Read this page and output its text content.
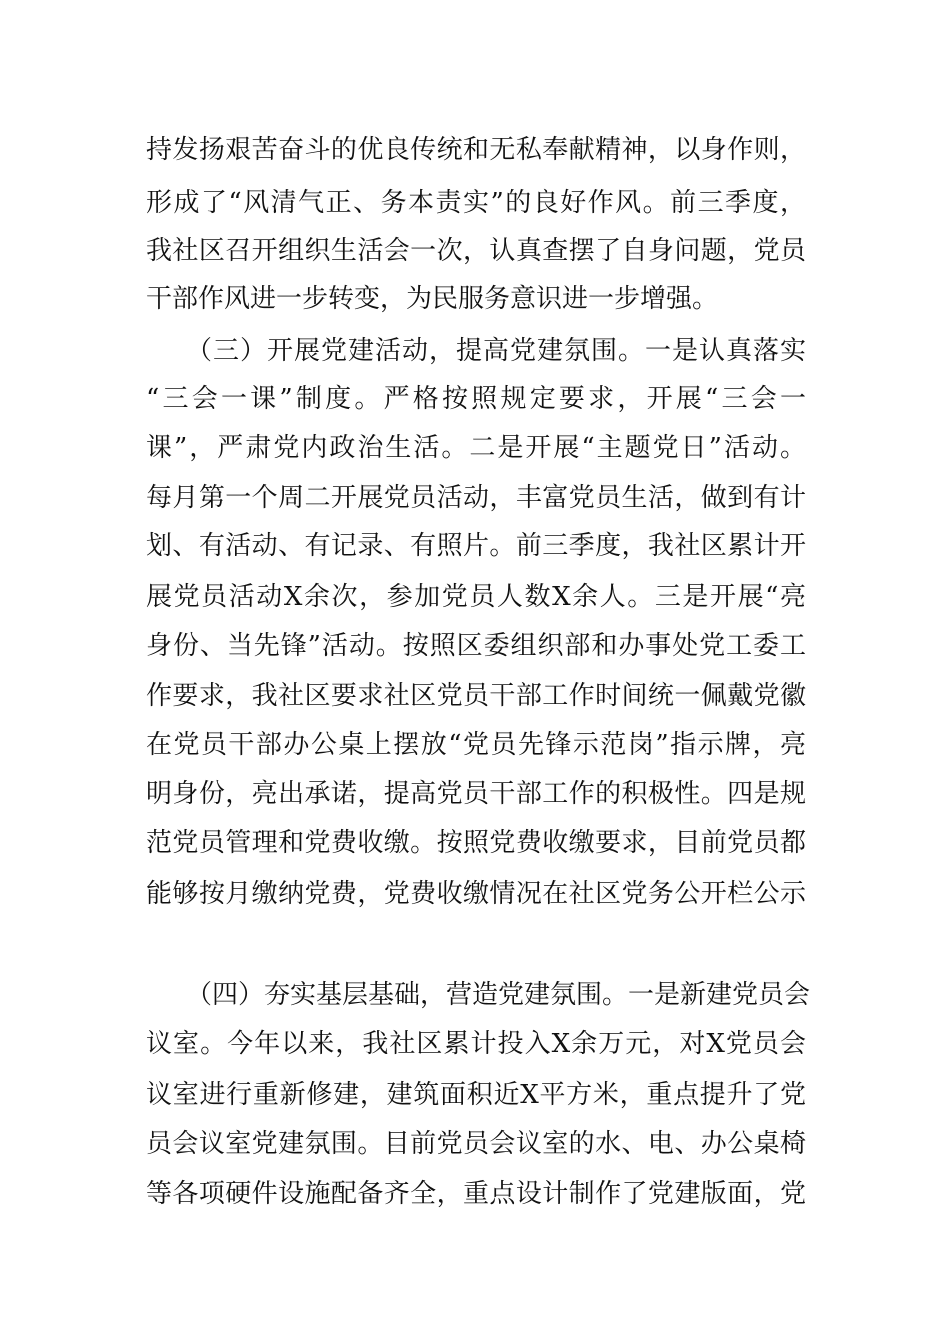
持发扬艰苦奋斗的优良传统和无私奉献精神，以身作则，
形成了“风清气正、务本责实”的良好作风。前三季度，
我社区召开组织生活会一次，认真查摆了自身问题，党员
干部作风进一步转变，为民服务意识进一步增强。
（三）开展党建活动，提高党建氛围。一是认真落实
“三会一课”制度。严格按照规定要求，开展“三会一
课”，严肃党内政治生活。二是开展“主题党日”活动。
每月第一个周二开展党员活动，丰富党员生活，做到有计
划、有活动、有记录、有照片。前三季度，我社区累计开
展党员活动X余次，参加党员人数X余人。三是开展“亮
身份、当先锋”活动。按照区委组织部和办事处党工委工
作要求，我社区要求社区党员干部工作时间统一佩戴党徽
在党员干部办公桌上摆放“党员先锋示范岗”指示牌，亮
明身份，亮出承诺，提高党员干部工作的积极性。四是规
范党员管理和党费收缴。按照党费收缴要求，目前党员都
能够按月缴纳党费，党费收缴情况在社区党务公开栏公示
（四）夯实基层基础，营造党建氛围。一是新建党员会
议室。今年以来，我社区累计投入X余万元，对X党员会
议室进行重新修建，建筑面积近X平方米，重点提升了党
员会议室党建氛围。目前党员会议室的水、电、办公桌椅
等各项硬件设施配备齐全，重点设计制作了党建版面，党
